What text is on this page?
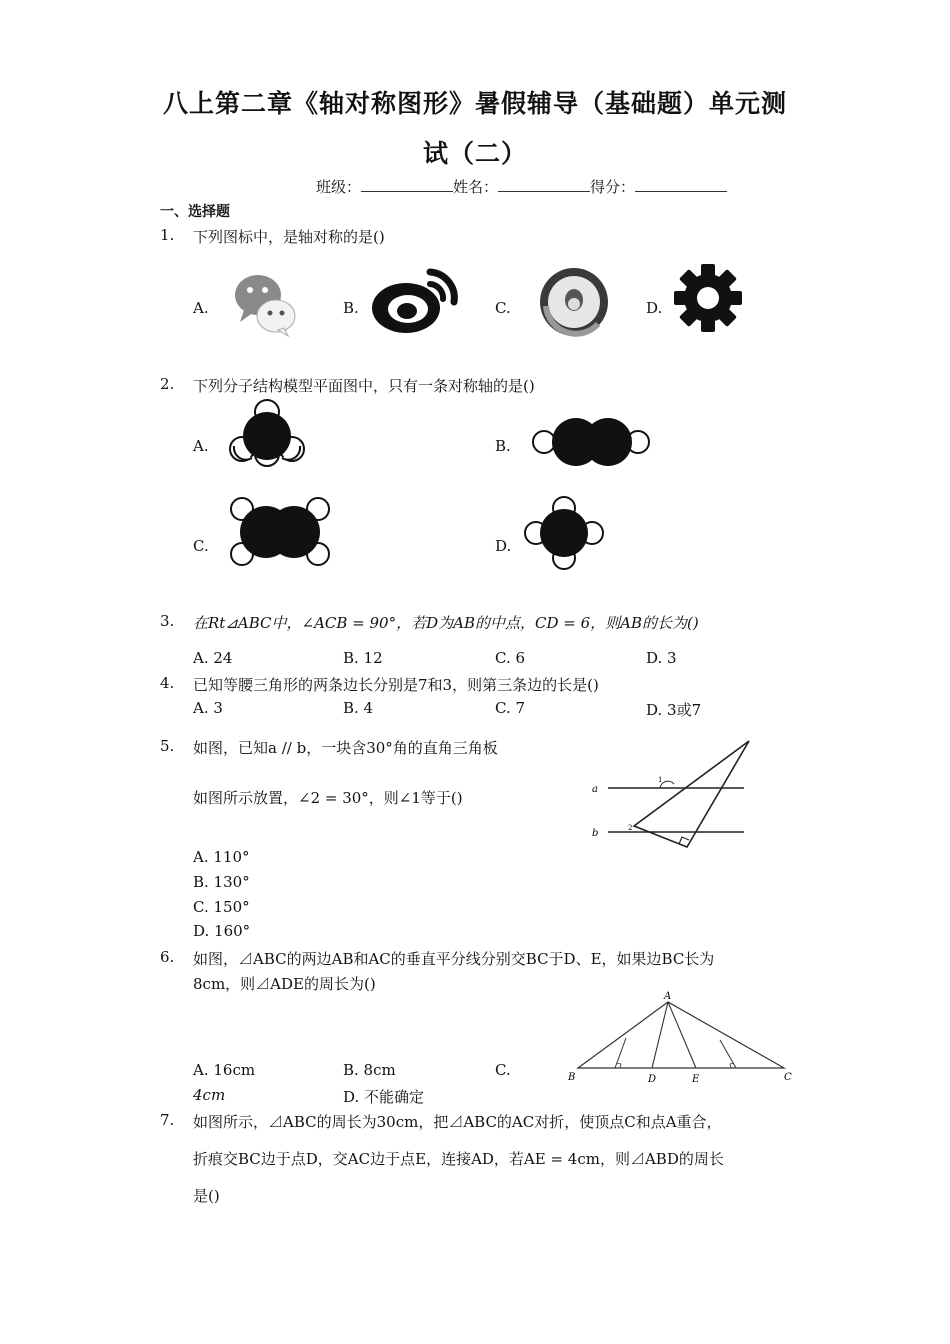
八上第二章《轴对称图形》暑假辅导（基础题）单元测
试（二）
班级：	姓名：	得分：
一、选择题
1. 下列图标中，是轴对称的是()
A.	B.	C.	D.
2. 下列分子结构模型平面图中，只有一条对称轴的是()
A.	B.
C.	D.
3. 在Rt⊿ABC中，∠ACB = 90°，若D为AB的中点，CD = 6，则AB的长为()
A. 24	B. 12	C. 6	D. 3
4. 已知等腰三角形的两条边长分别是7和3，则第三条边的长是()
A. 3	B. 4	C. 7	D. 3或7
5. 如图，已知a // b，一块含30°角的直角三角板
如图所示放置，∠2 = 30°，则∠1等于()
A. 110°
B. 130°
C. 150°
D. 160°
a
b
1
2
6. 如图，⊿ABC的两边AB和AC的垂直平分线分别交BC于D、E，如果边BC长为
8cm，则⊿ADE的周长为()
A. 16cm	B. 8cm	C.
4cm	D. 不能确定
A
B	C
D	E
7. 如图所示，⊿ABC的周长为30cm，把⊿ABC的AC对折，使顶点C和点A重合，
折痕交BC边于点D，交AC边于点E，连接AD，若AE = 4cm，则⊿ABD的周长
是()
